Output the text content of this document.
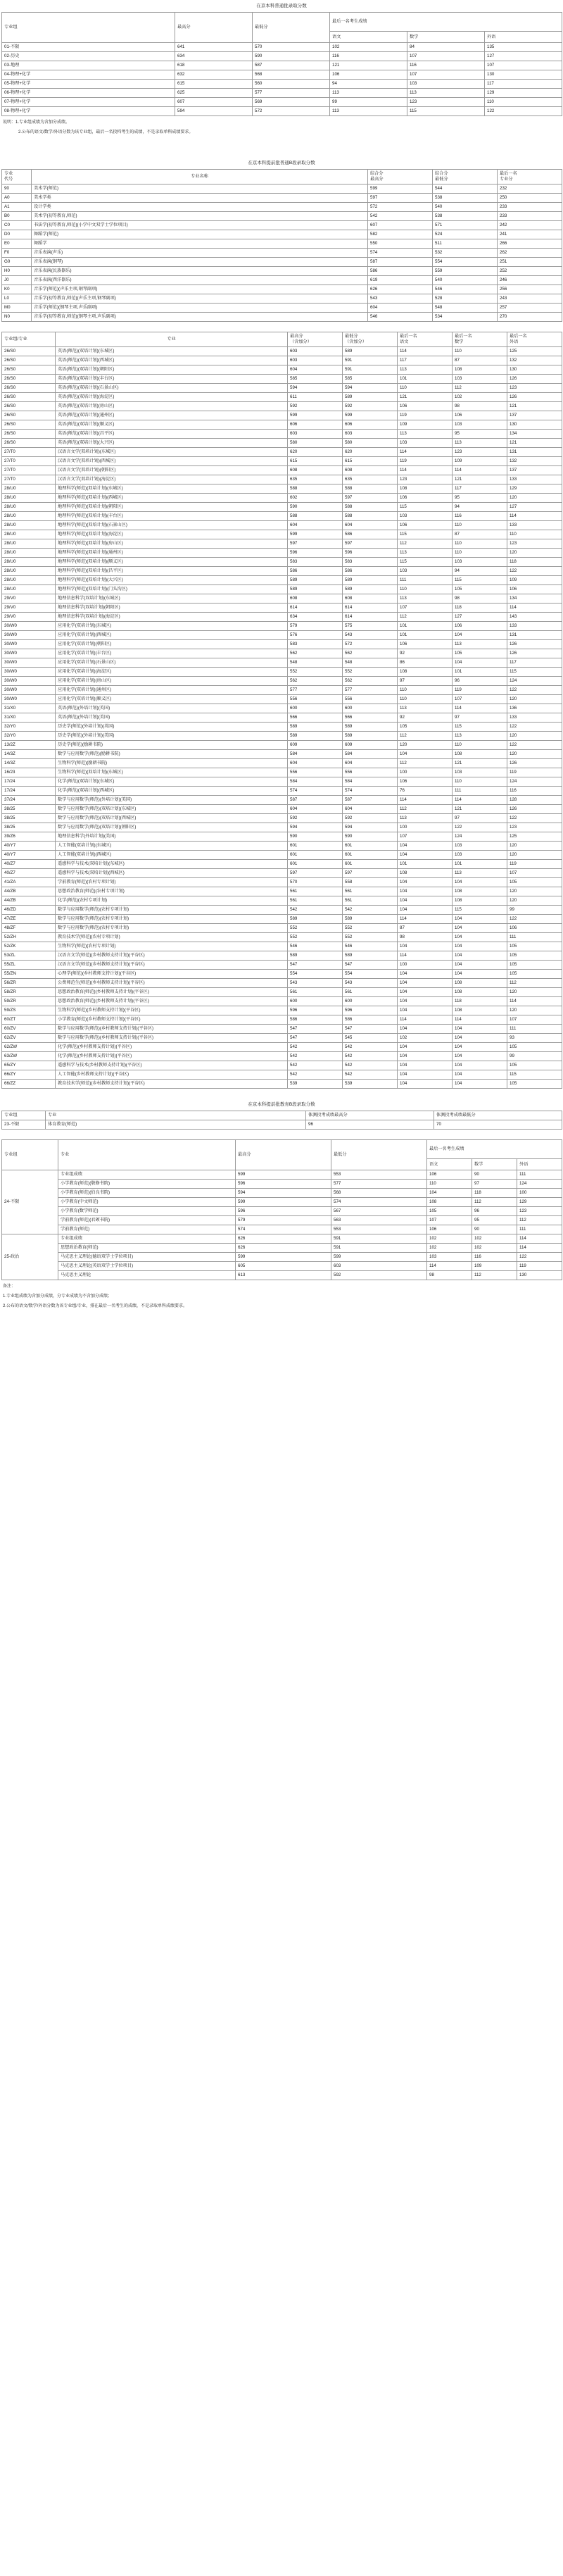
在京本科普通批录取分数
专业组	最高分	最低分	最后一名考生成绩		
			语文	数学	外语
01-不限	641	570	102	84	135
02-历史	634	590	116	107	127
03-地理	618	587	121	116	107
04-物理+化学	632	568	106	107	130
05-物理+化学	615	560	94	103	117
06-物理+化学	625	577	113	113	129
07-物理+化学	607	569	99	123	110
08-物理+化学	594	572	113	115	122
说明：1.专业组成绩为含加分成绩。
2.公布的语文/数学/外语分数为该专业组，最后一名投档考生的成绩，不是录取单科成绩要求。
在京本科提前批普通B段录取分数
专业
代号	专业名称	综合分
最高分	综合分
最低分	最后一名
专业分
90	美术学(师范)	599	544	232
A0	美术学类	597	538	250
A1	设计学类	572	540	233
B0	美术学(初等教育,师范)	542	538	233
C0	书法学(初等教育,师范)(小学中文双学士学位项目)	607	571	242
D0	舞蹈学(师范)	582	524	241
E0	舞蹈学	550	511	266
F0	音乐表演(声乐)	574	532	262
G0	音乐表演(钢琴)	587	554	251
H0	音乐表演(民族器乐)	586	559	252
J0	音乐表演(西洋器乐)	619	540	246
K0	音乐学(师范)(声乐主项,钢琴副项)	626	546	256
L0	音乐学(初等教育,师范)(声乐主项,钢琴副项)	543	528	243
M0	音乐学(师范)(钢琴主项,声乐副项)	604	548	257
N0	音乐学(初等教育,师范)(钢琴主项,声乐副项)	546	534	270
专业组/专业	专业	最高分
（含加分）	最低分
（含加分）	最后一名
语文	最后一名
数学	最后一名
外语
26/S0	英语(师范)(双培计划)(东城区)	603	589	114	110	125
26/S0	英语(师范)(双培计划)(西城区)	603	591	117	87	132
26/S0	英语(师范)(双培计划)(朝阳区)	604	591	113	108	130
26/S0	英语(师范)(双培计划)(丰台区)	585	585	101	103	126
26/S0	英语(师范)(双培计划)(石景山区)	594	594	110	112	123
26/S0	英语(师范)(双培计划)(海淀区)	611	589	121	102	126
26/S0	英语(师范)(双培计划)(房山区)	592	592	106	98	121
26/S0	英语(师范)(双培计划)(通州区)	599	599	119	106	137
26/S0	英语(师范)(双培计划)(顺义区)	606	606	109	103	130
26/S0	英语(师范)(双培计划)(昌平区)	603	603	113	95	134
26/S0	英语(师范)(双培计划)(大兴区)	580	580	103	113	121
27/T0	汉语言文学(双培计划)(东城区)	620	620	114	123	131
27/T0	汉语言文学(双培计划)(西城区)	615	615	119	109	132
27/T0	汉语言文学(双培计划)(朝阳区)	608	608	114	114	137
27/T0	汉语言文学(双培计划)(海淀区)	635	635	123	121	133
28/U0	地理科学(师范)(双培计划)(东城区)	588	588	108	117	129
28/U0	地理科学(师范)(双培计划)(西城区)	602	597	106	95	120
28/U0	地理科学(师范)(双培计划)(朝阳区)	590	588	115	94	127
28/U0	地理科学(师范)(双培计划)(丰台区)	588	588	103	116	114
28/U0	地理科学(师范)(双培计划)(石景山区)	604	604	106	110	133
28/U0	地理科学(师范)(双培计划)(海淀区)	599	586	115	87	110
28/U0	地理科学(师范)(双培计划)(房山区)	597	597	112	110	123
28/U0	地理科学(师范)(双培计划)(通州区)	596	596	113	110	120
28/U0	地理科学(师范)(双培计划)(顺义区)	583	583	115	103	118
28/U0	地理科学(师范)(双培计划)(昌平区)	586	586	103	94	122
28/U0	地理科学(师范)(双培计划)(大兴区)	589	589	111	115	109
28/U0	地理科学(师范)(双培计划)(门头沟区)	589	589	110	105	106
29/V0	地理信息科学(双培计划)(东城区)	608	608	113	98	134
29/V0	地理信息科学(双培计划)(朝阳区)	614	614	107	118	114
29/V0	地理信息科学(双培计划)(海淀区)	634	614	112	127	143
30/W0	应用化学(双培计划)(东城区)	579	575	101	106	133
30/W0	应用化学(双培计划)(西城区)	576	543	101	104	131
30/W0	应用化学(双培计划)(朝阳区)	583	572	106	113	126
30/W0	应用化学(双培计划)(丰台区)	562	562	92	105	126
30/W0	应用化学(双培计划)(石景山区)	548	548	86	104	117
30/W0	应用化学(双培计划)(海淀区)	552	552	108	101	115
30/W0	应用化学(双培计划)(房山区)	562	562	97	96	124
30/W0	应用化学(双培计划)(通州区)	577	577	110	119	122
30/W0	应用化学(双培计划)(顺义区)	556	556	110	107	120
31/X0	英语(师范)(外培计划)(英国)	600	600	113	114	136
31/X0	英语(师范)(外培计划)(美国)	566	566	92	97	133
32/Y0	历史学(师范)(外培计划)(英国)	589	589	105	115	122
32/Y0	历史学(师范)(外培计划)(美国)	589	589	112	113	120
13/2Z	历史学(师范)(励耕书院)	609	609	120	110	122
14/3Z	数学与应用数学(师范)(励耕书院)	584	584	104	108	120
14/3Z	生物科学(师范)(励耕书院)	604	604	112	121	126
16/23	生物科学(师范)(双培计划)(东城区)	556	556	100	103	119
17/24	化学(师范)(双培计划)(东城区)	584	584	106	110	124
17/24	化学(师范)(双培计划)(西城区)	574	574	76	111	116
37/24	数学与应用数学(师范)(外培计划)(美国)	587	587	114	114	128
38/25	数学与应用数学(师范)(双培计划)(东城区)	604	604	112	121	126
38/25	数学与应用数学(师范)(双培计划)(西城区)	592	592	113	97	122
38/25	数学与应用数学(师范)(双培计划)(朝阳区)	594	594	100	122	123
39/Z6	地理信息科学(外培计划)(美国)	590	590	107	124	125
40/Y7	人工智能(双培计划)(东城区)	601	601	104	103	120
40/Y7	人工智能(双培计划)(西城区)	601	601	104	103	120
40/Z7	遥感科学与技术(双培计划)(东城区)	601	601	101	101	119
40/Z7	遥感科学与技术(双培计划)(西城区)	597	597	108	113	107
41/ZA	学前教育(师范)(农村专项计划)	570	558	104	104	105
44/ZB	思想政治教育(师范)(农村专项计划)	561	561	104	108	120
44/ZB	化学(师范)(农村专项计划)	561	561	104	108	120
46/ZD	数学与应用数学(师范)(农村专项计划)	542	542	104	115	99
47/ZE	数学与应用数学(师范)(农村专项计划)	589	589	114	104	122
48/ZF	数学与应用数学(师范)(农村专项计划)	552	552	87	104	106
52/ZH	教育技术学(师范)(农村专项计划)	552	552	98	104	111
52/ZK	生物科学(师范)(农村专项计划)	546	546	104	104	105
53/ZL	汉语言文学(师范)(乡村教师支持计划)(平谷区)	589	589	114	104	105
55/ZL	汉语言文学(师范)(乡村教师支持计划)(平谷区)	547	547	100	104	105
55/ZN	心理学(师范)(乡村教师支持计划)(平谷区)	554	554	104	104	105
56/ZR	公费师范生(师范)(乡村教师支持计划)(平谷区)	543	543	104	108	112
58/ZR	思想政治教育(师范)(乡村教师支持计划)(平谷区)	561	561	104	108	120
59/ZR	思想政治教育(师范)(乡村教师支持计划)(平谷区)	600	600	104	118	114
59/ZS	生物科学(师范)(乡村教师支持计划)(平谷区)	596	596	104	108	120
60/ZT	小学教育(师范)(乡村教师支持计划)(平谷区)	586	586	114	114	107
60/ZV	数学与应用数学(师范)(乡村教师支持计划)(平谷区)	547	547	104	104	111
62/ZV	数学与应用数学(师范)(乡村教师支持计划)(平谷区)	547	545	102	104	93
62/ZW	化学(师范)(乡村教师支持计划)(平谷区)	542	542	104	104	105
63/ZW	化学(师范)(乡村教师支持计划)(平谷区)	542	542	104	104	99
65/ZY	遥感科学与技术(乡村教师支持计划)(平谷区)	542	542	104	104	105
66/ZY	人工智能(乡村教师支持计划)(平谷区)	542	542	104	104	115
66/ZZ	教育技术学(师范)(乡村教师支持计划)(平谷区)	539	539	104	104	105
在京本科提前批教育B段录取分数
专业组	专业	体测投考成绩最高分	体测投考成绩最低分
23-不限	体育教育(师范)	96	70
专业组	专业	最高分	最低分	最后一名考生成绩		
				语文	数学	外语
24-不限	专业组成绩	599	553	106	90	111
	小学教育(师范)(敬修书院)	596	577	110	97	124
	小学教育(师范)(伯良书院)	594	568	104	118	100
	小学教育(中文师范)	599	574	108	112	129
	小学教育(数学师范)	596	567	105	96	123
	学前教育(师范)(君颁书院)	579	563	107	95	112
	学前教育(师范)	574	553	106	90	111
25-政治	专业组成绩	626	591	102	102	114
	思想政治教育(师范)	626	591	102	102	114
	马克思主义理论(德语双学士学位项目)	599	599	103	116	122
	马克思主义理论(英语双学士学位项目)	605	603	114	109	119
	马克思主义理论	613	592	98	112	130
备注：
1.专业组成绩为含加分成绩，分专业成绩为不含加分成绩；
2.公布的语文/数学/外语分数为该专业组/专业，排在最后一名考生的成绩，不是录取单科成绩要求。
